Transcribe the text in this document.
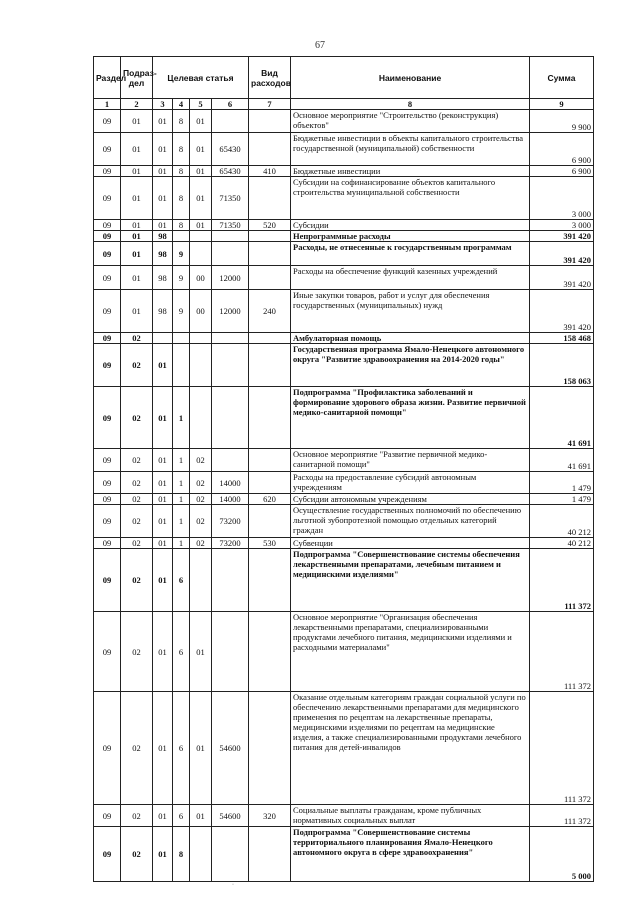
67
Раздел	Подраз-дел	Целевая статья				Вид расходов	Наименование	Сумма
1	2	3	4	5	6	7	8	9
09	01	01	8	01			Основное мероприятие "Строительство (реконструкция) объектов"	9 900
09	01	01	8	01	65430		Бюджетные инвестиции в объекты капитального строительства государственной (муниципальной) собственности	6 900
09	01	01	8	01	65430	410	Бюджетные инвестиции	6 900
09	01	01	8	01	71350		Субсидии на софинансирование объектов капитального строительства муниципальной собственности	3 000
09	01	01	8	01	71350	520	Субсидии	3 000
09	01	98					Непрограммные расходы	391 420
09	01	98	9				Расходы, не отнесенные к государственным программам	391 420
09	01	98	9	00	12000		Расходы на обеспечение функций казенных учреждений	391 420
09	01	98	9	00	12000	240	Иные закупки товаров, работ и услуг для обеспечения государственных (муниципальных) нужд	391 420
09	02						Амбулаторная помощь	158 468
09	02	01					Государственная программа Ямало-Ненецкого автономного округа "Развитие здравоохранения на 2014-2020 годы"	158 063
09	02	01	1				Подпрограмма "Профилактика заболеваний и формирование здорового образа жизни. Развитие первичной медико-санитарной помощи"	41 691
09	02	01	1	02			Основное мероприятие "Развитие первичной медико-санитарной помощи"	41 691
09	02	01	1	02	14000		Расходы на предоставление субсидий автономным учреждениям	1 479
09	02	01	1	02	14000	620	Субсидии автономным учреждениям	1 479
09	02	01	1	02	73200		Осуществление государственных полномочий по обеспечению льготной зубопротезной помощью отдельных категорий граждан	40 212
09	02	01	1	02	73200	530	Субвенции	40 212
09	02	01	6				Подпрограмма "Совершенствование системы обеспечения лекарственными препаратами, лечебным питанием и медицинскими изделиями"	111 372
09	02	01	6	01			Основное мероприятие "Организация обеспечения лекарственными препаратами, специализированными продуктами лечебного питания, медицинскими изделиями и расходными материалами"	111 372
09	02	01	6	01	54600		Оказание отдельным категориям граждан социальной услуги по обеспечению лекарственными препаратами для медицинского применения по рецептам на лекарственные препараты, медицинскими изделиями по рецептам на медицинские изделия, а также специализированными продуктами лечебного питания для детей-инвалидов	111 372
09	02	01	6	01	54600	320	Социальные выплаты гражданам, кроме публичных нормативных социальных выплат	111 372
09	02	01	8				Подпрограмма "Совершенствование системы территориального планирования Ямало-Ненецкого автономного округа в сфере здравоохранения"	5 000
·
